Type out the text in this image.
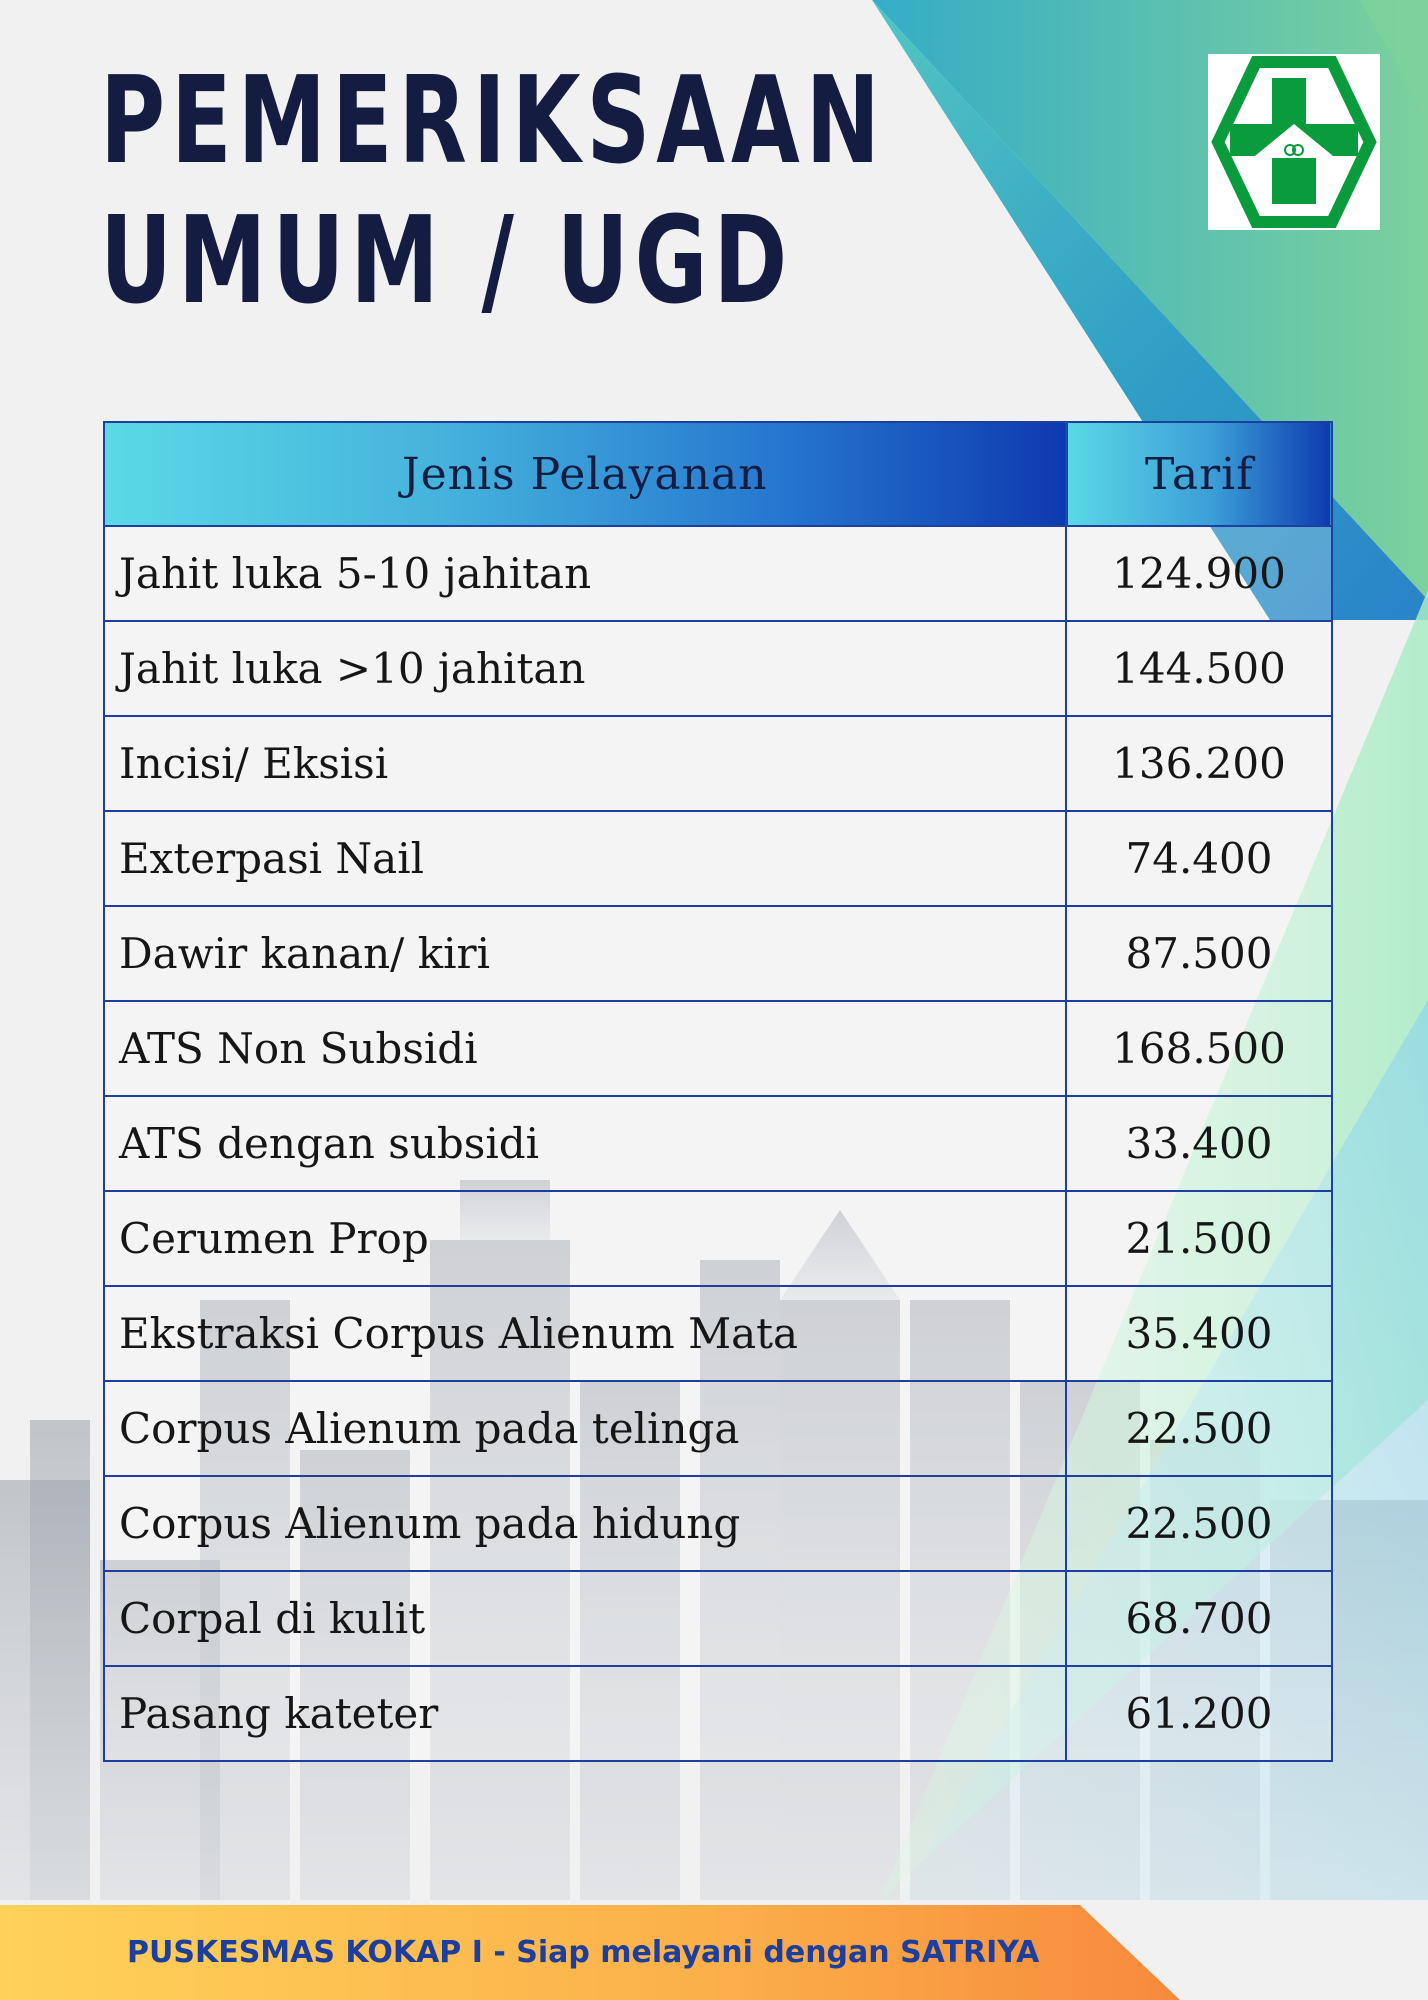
PEMERIKSAAN
UMUM / UGD
Jenis Pelayanan	Tarif
Jahit luka 5-10 jahitan	124.900
Jahit luka >10 jahitan	144.500
Incisi/ Eksisi	136.200
Exterpasi Nail	74.400
Dawir kanan/ kiri	87.500
ATS Non Subsidi	168.500
ATS dengan subsidi	33.400
Cerumen Prop	21.500
Ekstraksi Corpus Alienum Mata	35.400
Corpus Alienum pada telinga	22.500
Corpus Alienum pada hidung	22.500
Corpal di kulit	68.700
Pasang kateter	61.200
PUSKESMAS KOKAP I - Siap melayani dengan SATRIYA
